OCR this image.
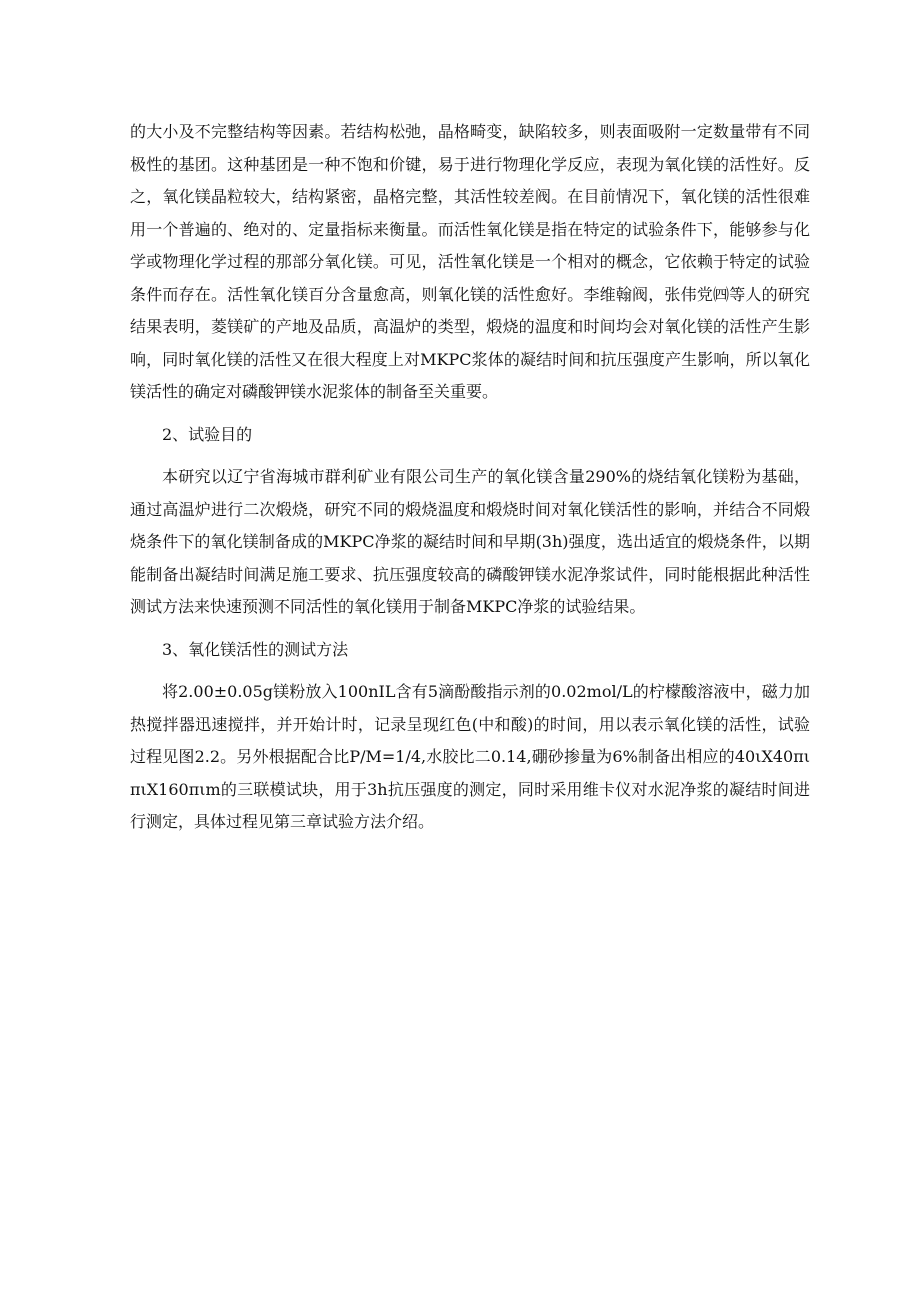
的大小及不完整结构等因素。若结构松弛，晶格畸变，缺陷较多，则表面吸附一定数量带有不同极性的基团。这种基团是一种不饱和价键，易于进行物理化学反应，表现为氧化镁的活性好。反之，氧化镁晶粒较大，结构紧密，晶格完整，其活性较差阀。在目前情况下，氧化镁的活性很难用一个普遍的、绝对的、定量指标来衡量。而活性氧化镁是指在特定的试验条件下，能够参与化学或物理化学过程的那部分氧化镁。可见，活性氧化镁是一个相对的概念，它依赖于特定的试验条件而存在。活性氧化镁百分含量愈高，则氧化镁的活性愈好。李维翰阀，张伟党㈣等人的研究结果表明，菱镁矿的产地及品质，高温炉的类型，煅烧的温度和时间均会对氧化镁的活性产生影响，同时氧化镁的活性又在很大程度上对MKPC浆体的凝结时间和抗压强度产生影响，所以氧化镁活性的确定对磷酸钾镁水泥浆体的制备至关重要。

2、试验目的

本研究以辽宁省海城市群利矿业有限公司生产的氧化镁含量290%的烧结氧化镁粉为基础，通过高温炉进行二次煅烧，研究不同的煅烧温度和煅烧时间对氧化镁活性的影响，并结合不同煅烧条件下的氧化镁制备成的MKPC净浆的凝结时间和早期(3h)强度，选出适宜的煅烧条件，以期能制备出凝结时间满足施工要求、抗压强度较高的磷酸钾镁水泥净浆试件，同时能根据此种活性测试方法来快速预测不同活性的氧化镁用于制备MKPC净浆的试验结果。

3、氧化镁活性的测试方法

将2.00±0.05g镁粉放入100nIL含有5滴酚酸指示剂的0.02mol∕L的柠檬酸溶液中，磁力加热搅拌器迅速搅拌，并开始计时，记录呈现红色(中和酸)的时间，用以表示氧化镁的活性，试验过程见图2.2。另外根据配合比P∕M=1∕4,水胶比二0.14,硼砂掺量为6%制备出相应的40ιX40πιπιX160πιm的三联模试块，用于3h抗压强度的测定，同时采用维卡仪对水泥净浆的凝结时间进行测定，具体过程见第三章试验方法介绍。
